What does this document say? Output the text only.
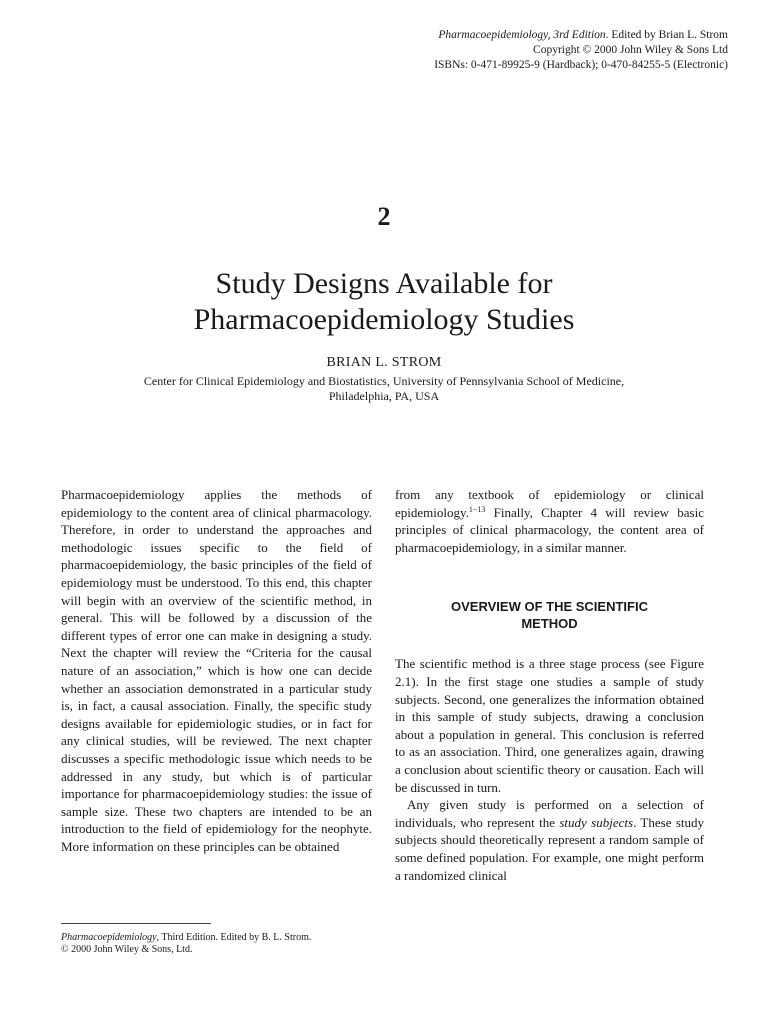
Pharmacoepidemiology, 3rd Edition. Edited by Brian L. Strom
Copyright © 2000 John Wiley & Sons Ltd
ISBNs: 0-471-89925-9 (Hardback); 0-470-84255-5 (Electronic)
2
Study Designs Available for
Pharmacoepidemiology Studies
BRIAN L. STROM
Center for Clinical Epidemiology and Biostatistics, University of Pennsylvania School of Medicine,
Philadelphia, PA, USA

Pharmacoepidemiology applies the methods of epidemiology to the content area of clinical pharmacology. Therefore, in order to understand the approaches and methodologic issues specific to the field of pharmacoepidemiology, the basic principles of the field of epidemiology must be understood. To this end, this chapter will begin with an overview of the scientific method, in general. This will be followed by a discussion of the different types of error one can make in designing a study. Next the chapter will review the “Criteria for the causal nature of an association,” which is how one can decide whether an association demonstrated in a particular study is, in fact, a causal association. Finally, the specific study designs available for epidemiologic studies, or in fact for any clinical studies, will be reviewed. The next chapter discusses a specific methodologic issue which needs to be addressed in any study, but which is of particular importance for pharmacoepidemiology studies: the issue of sample size. These two chapters are intended to be an introduction to the field of epidemiology for the neophyte. More information on these principles can be obtained

from any textbook of epidemiology or clinical epidemiology.$^{1-13}$ Finally, Chapter 4 will review basic principles of clinical pharmacology, the content area of pharmacoepidemiology, in a similar manner.

OVERVIEW OF THE SCIENTIFIC
METHOD

The scientific method is a three stage process (see Figure 2.1). In the first stage one studies a sample of study subjects. Second, one generalizes the information obtained in this sample of study subjects, drawing a conclusion about a population in general. This conclusion is referred to as an association. Third, one generalizes again, drawing a conclusion about scientific theory or causation. Each will be discussed in turn.

Any given study is performed on a selection of individuals, who represent the study subjects. These study subjects should theoretically represent a random sample of some defined population. For example, one might perform a randomized clinical

Pharmacoepidemiology, Third Edition. Edited by B. L. Strom.
© 2000 John Wiley & Sons, Ltd.
